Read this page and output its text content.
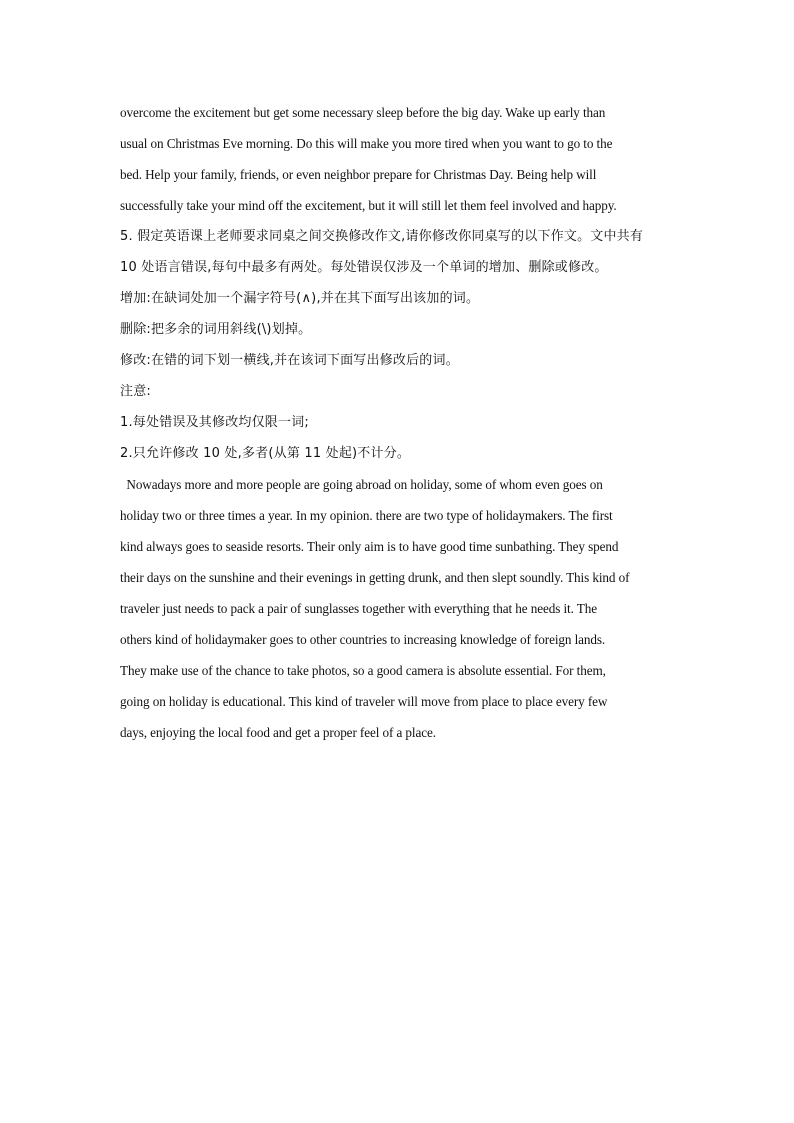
overcome the excitement but get some necessary sleep before the big day. Wake up early than
usual on Christmas Eve morning. Do this will make you more tired when you want to go to the
bed. Help your family, friends, or even neighbor prepare for Christmas Day. Being help will
successfully take your mind off the excitement, but it will still let them feel involved and happy.
5. 假定英语课上老师要求同桌之间交换修改作文,请你修改你同桌写的以下作文。文中共有
10 处语言错误,每句中最多有两处。每处错误仅涉及一个单词的增加、删除或修改。
增加:在缺词处加一个漏字符号(∧),并在其下面写出该加的词。
删除:把多余的词用斜线(\)划掉。
修改:在错的词下划一横线,并在该词下面写出修改后的词。
注意:
1.每处错误及其修改均仅限一词;
2.只允许修改 10 处,多者(从第 11 处起)不计分。
Nowadays more and more people are going abroad on holiday, some of whom even goes on
holiday two or three times a year. In my opinion. there are two type of holidaymakers. The first
kind always goes to seaside resorts. Their only aim is to have good time sunbathing. They spend
their days on the sunshine and their evenings in getting drunk, and then slept soundly. This kind of
traveler just needs to pack a pair of sunglasses together with everything that he needs it. The
others kind of holidaymaker goes to other countries to increasing knowledge of foreign lands.
They make use of the chance to take photos, so a good camera is absolute essential. For them,
going on holiday is educational. This kind of traveler will move from place to place every few
days, enjoying the local food and get a proper feel of a place.
